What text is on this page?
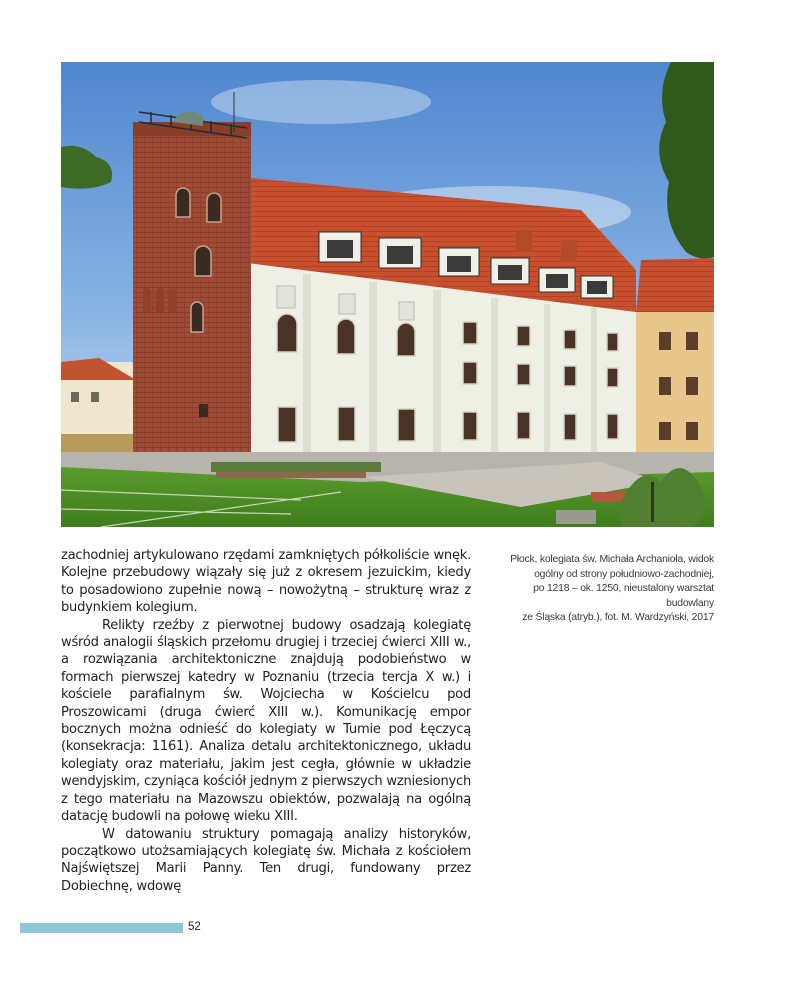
zachodniej artykulowano rzędami zamkniętych półkoliście wnęk. Kolejne przebudowy wiązały się już z okresem jezuickim, kiedy to posadowiono zupełnie nową – nowożytną – strukturę wraz z budynkiem kolegium.

Relikty rzeźby z pierwotnej budowy osadzają kolegiatę wśród analogii śląskich przełomu drugiej i trzeciej ćwierci XIII w., a rozwiązania architektoniczne znajdują podobieństwo w formach pierwszej katedry w Poznaniu (trzecia tercja X w.) i kościele parafialnym św. Wojciecha w Kościelcu pod Proszowicami (druga ćwierć XIII w.). Komunikację empor bocznych można odnieść do kolegiaty w Tumie pod Łęczycą (konsekracja: 1161). Analiza detalu architektonicznego, układu kolegiaty oraz materiału, jakim jest cegła, głównie w układzie wendyjskim, czyniąca kościół jednym z pierwszych wzniesionych z tego materiału na Mazowszu obiektów, pozwalają na ogólną datację budowli na połowę wieku XIII.

W datowaniu struktury pomagają analizy historyków, początkowo utożsamiających kolegiatę św. Michała z kościołem Najświętszej Marii Panny. Ten drugi, fundowany przez Dobiechnę, wdowę

Płock, kolegiata św. Michała Archanioła, widok
ogólny od strony południowo-zachodniej,
po 1218 – ok. 1250, nieustalony warsztat budowlany
ze Śląska (atryb.), fot. M. Wardzyński, 2017
52
